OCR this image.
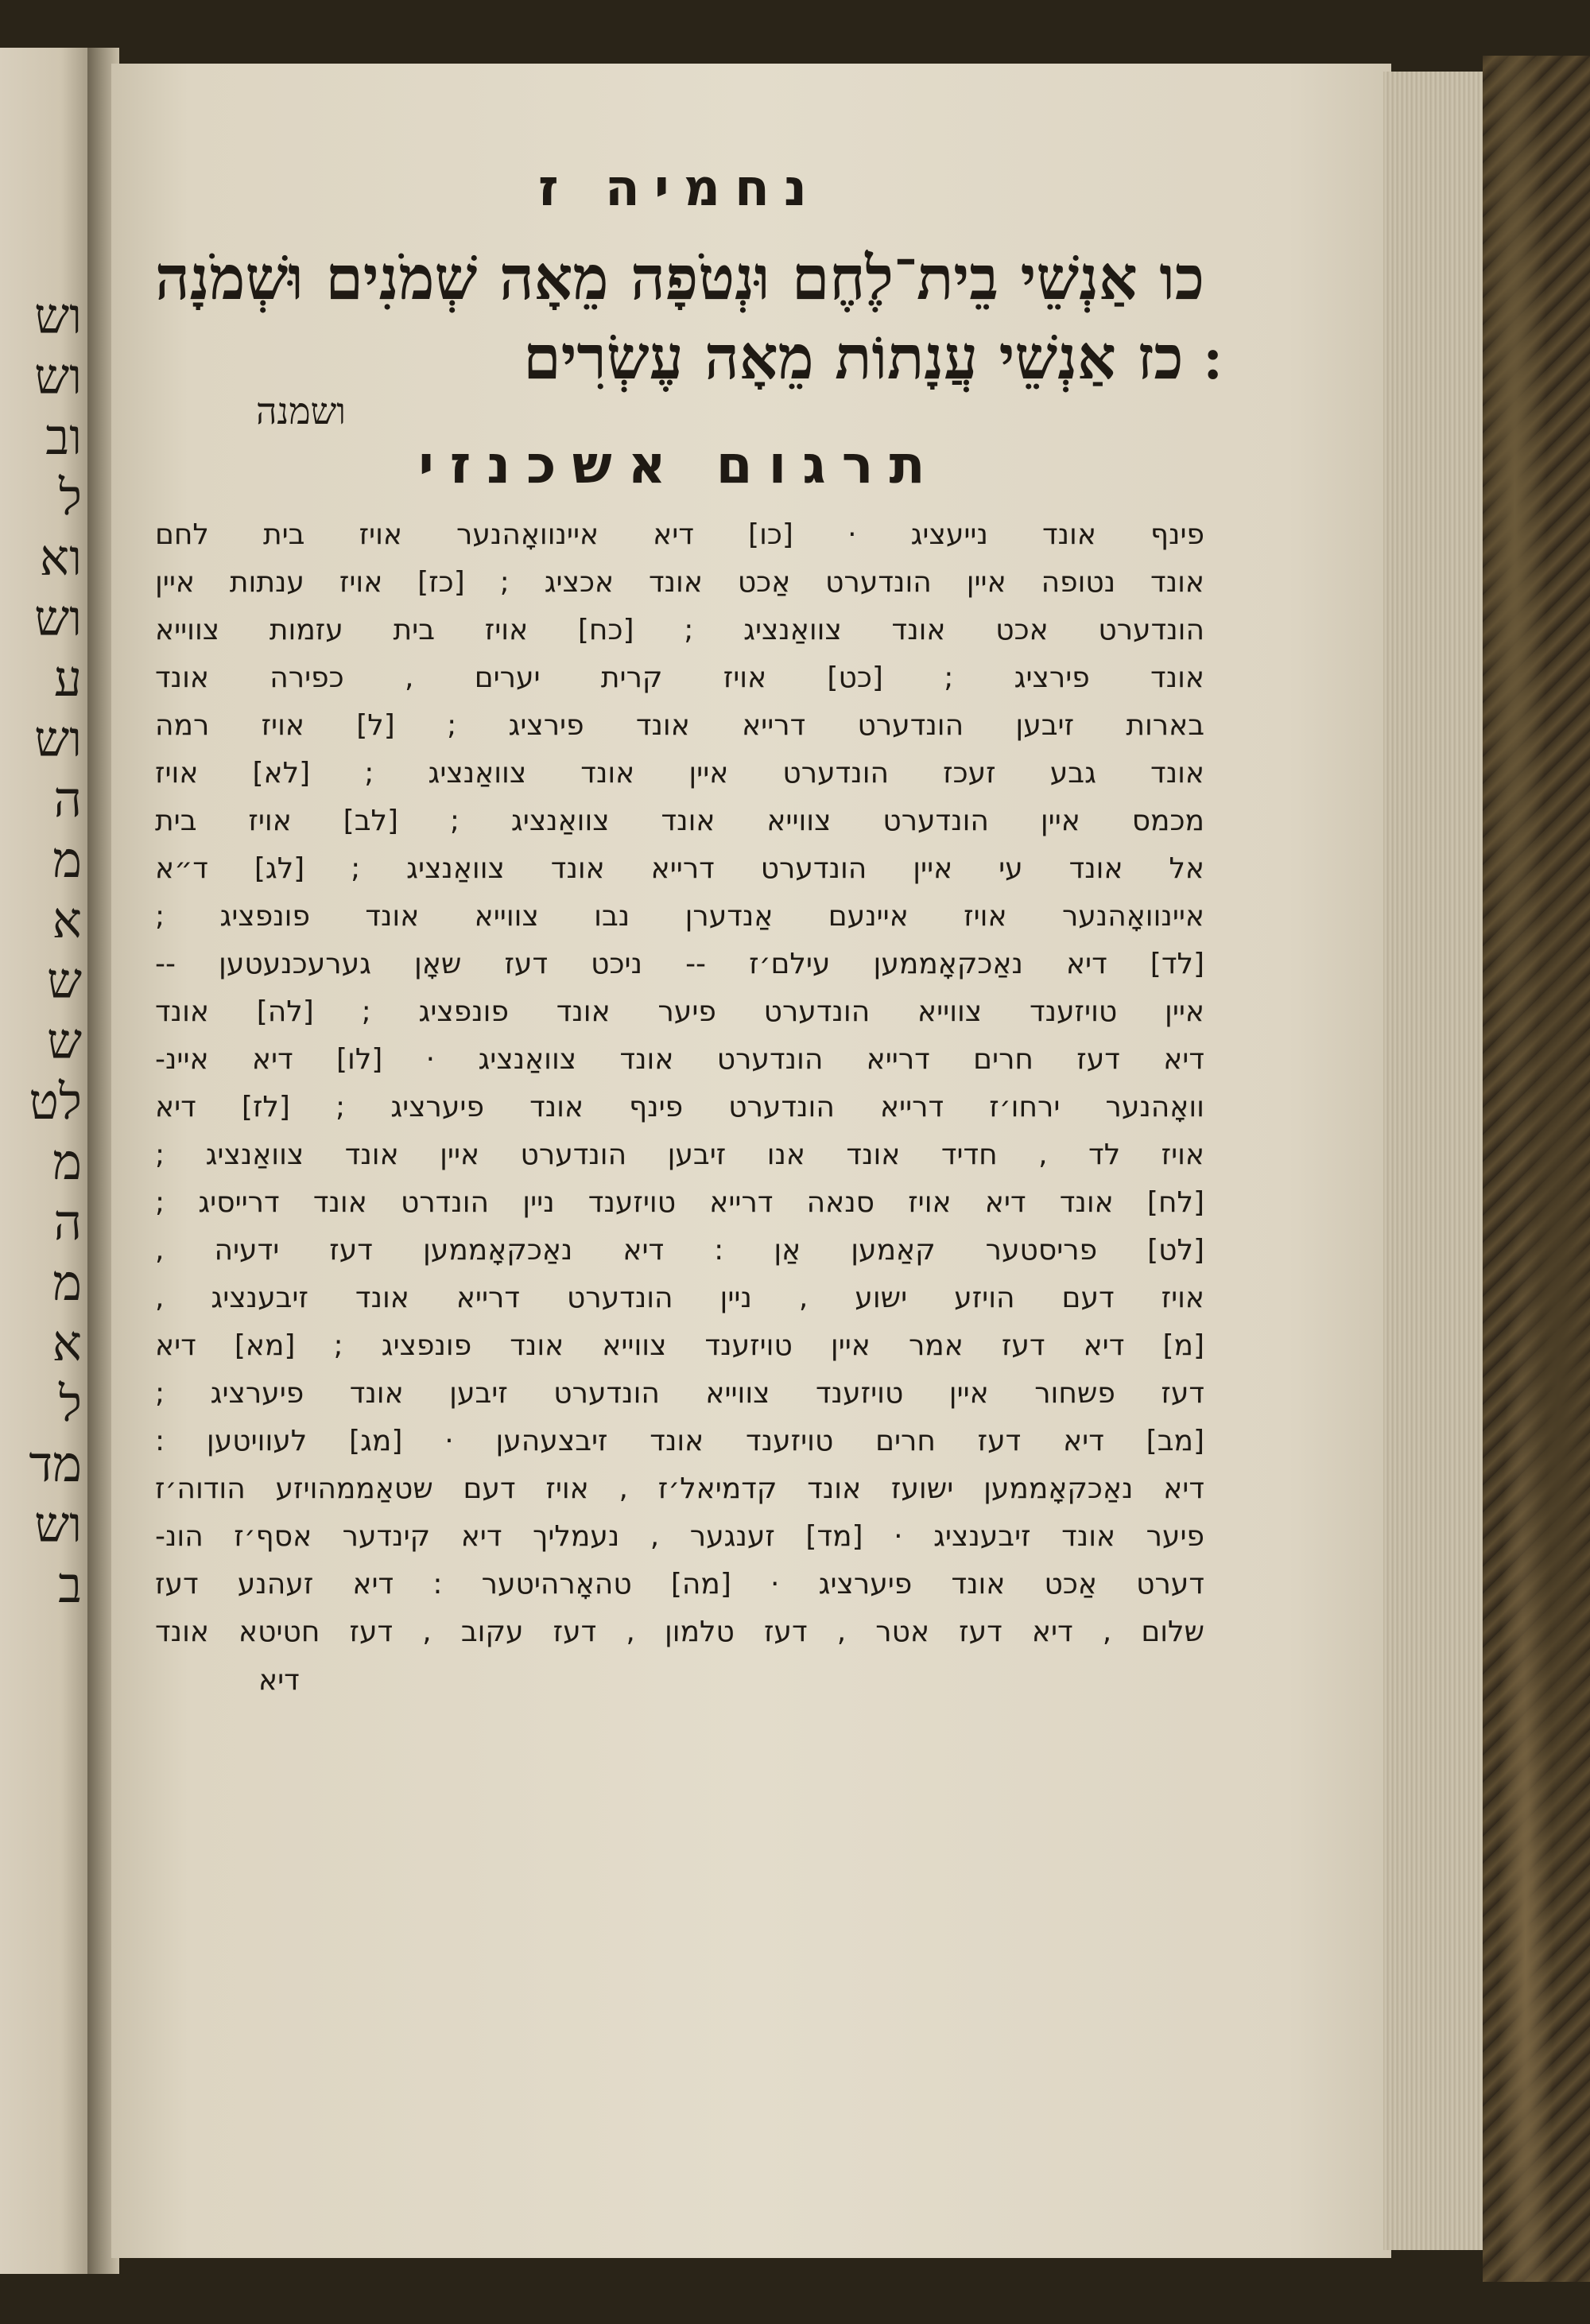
וש
וש
וב
ל
וא
וש
ע
וש
ה
מ
א
ש
ש
לט
מ
ה
מ
א
ל
מד
וש
ב
נחמיה ז
כו אַנְשֵׁי בֵית־לֶחֶם וּנְטֹפָה מֵאָה שְׁמֹנִים וּשְׁמֹנָה ׃ כז אַנְשֵׁי עֲנָתוֹת מֵאָה עֶשְׂרִים
ושמנה
תרגום אשכנזי
פינף אונד נייעציג · [כו] דיא איינוואָהנער אויז בית לחם
אונד נטופה איין הונדערט אַכט אונד אכציג ; [כז] אויז ענתות איין
הונדערט אכט אונד צוואַנציג ; [כח] אויז בית עזמות צווייא
אונד פירציג ; [כט] אויז קרית יערים , כפירה אונד
בארות זיבען הונדערט דרייא אונד פירציג ; [ל] אויז רמה
אונד גבע זעכז הונדערט איין אונד צוואַנציג ; [לא] אויז
מכמס איין הונדערט צווייא אונד צוואַנציג ; [לב] אויז בית
אל אונד עי איין הונדערט דרייא אונד צוואַנציג ; [לג] ד״א
איינוואָהנער אויז איינעם אַנדערן נבו צווייא אונד פונפציג ;
[לד] דיא נאַכקאָממען עילם׳ז -- ניכט דעז שאָן גערעכנעטען --
איין טויזענד צווייא הונדערט פיער אונד פונפציג ; [לה] אונד
דיא דעז חרים דרייא הונדערט אונד צוואַנציג · [לו] דיא איינ-
וואָהנער ירחו׳ז דרייא הונדערט פינף אונד פיערציג ; [לז] דיא
אויז לד , חדיד אונד אנו זיבען הונדערט איין אונד צוואַנציג ;
[לח] אונד דיא אויז סנאה דרייא טויזענד ניין הונדרט אונד דרייסיג ;
[לט] פריסטער קאַמען אַן : דיא נאַכקאָממען דעז ידעיה ,
אויז דעם הויזע ישוע , ניין הונדערט דרייא אונד זיבענציג ,
[מ] דיא דעז אמר איין טויזענד צווייא אונד פונפציג ; [מא] דיא
דעז פשחור איין טויזענד צווייא הונדערט זיבען אונד פיערציג ;
[מב] דיא דעז חרים טויזענד אונד זיבצעהען · [מג] לעוויטען :
דיא נאַכקאָממען ישועז אונד קדמיאל׳ז , אויז דעם שטאַממהויזע הודוה׳ז
פיער אונד זיבענציג · [מד] זענגער , נעמליך דיא קינדער אסף׳ז הונ-
דערט אַכט אונד פיערציג · [מה] טהאָרהיטער : דיא זעהנע דעז
שלום , דיא דעז אטר , דעז טלמון , דעז עקוב , דעז חטיטא אונד
דיא
